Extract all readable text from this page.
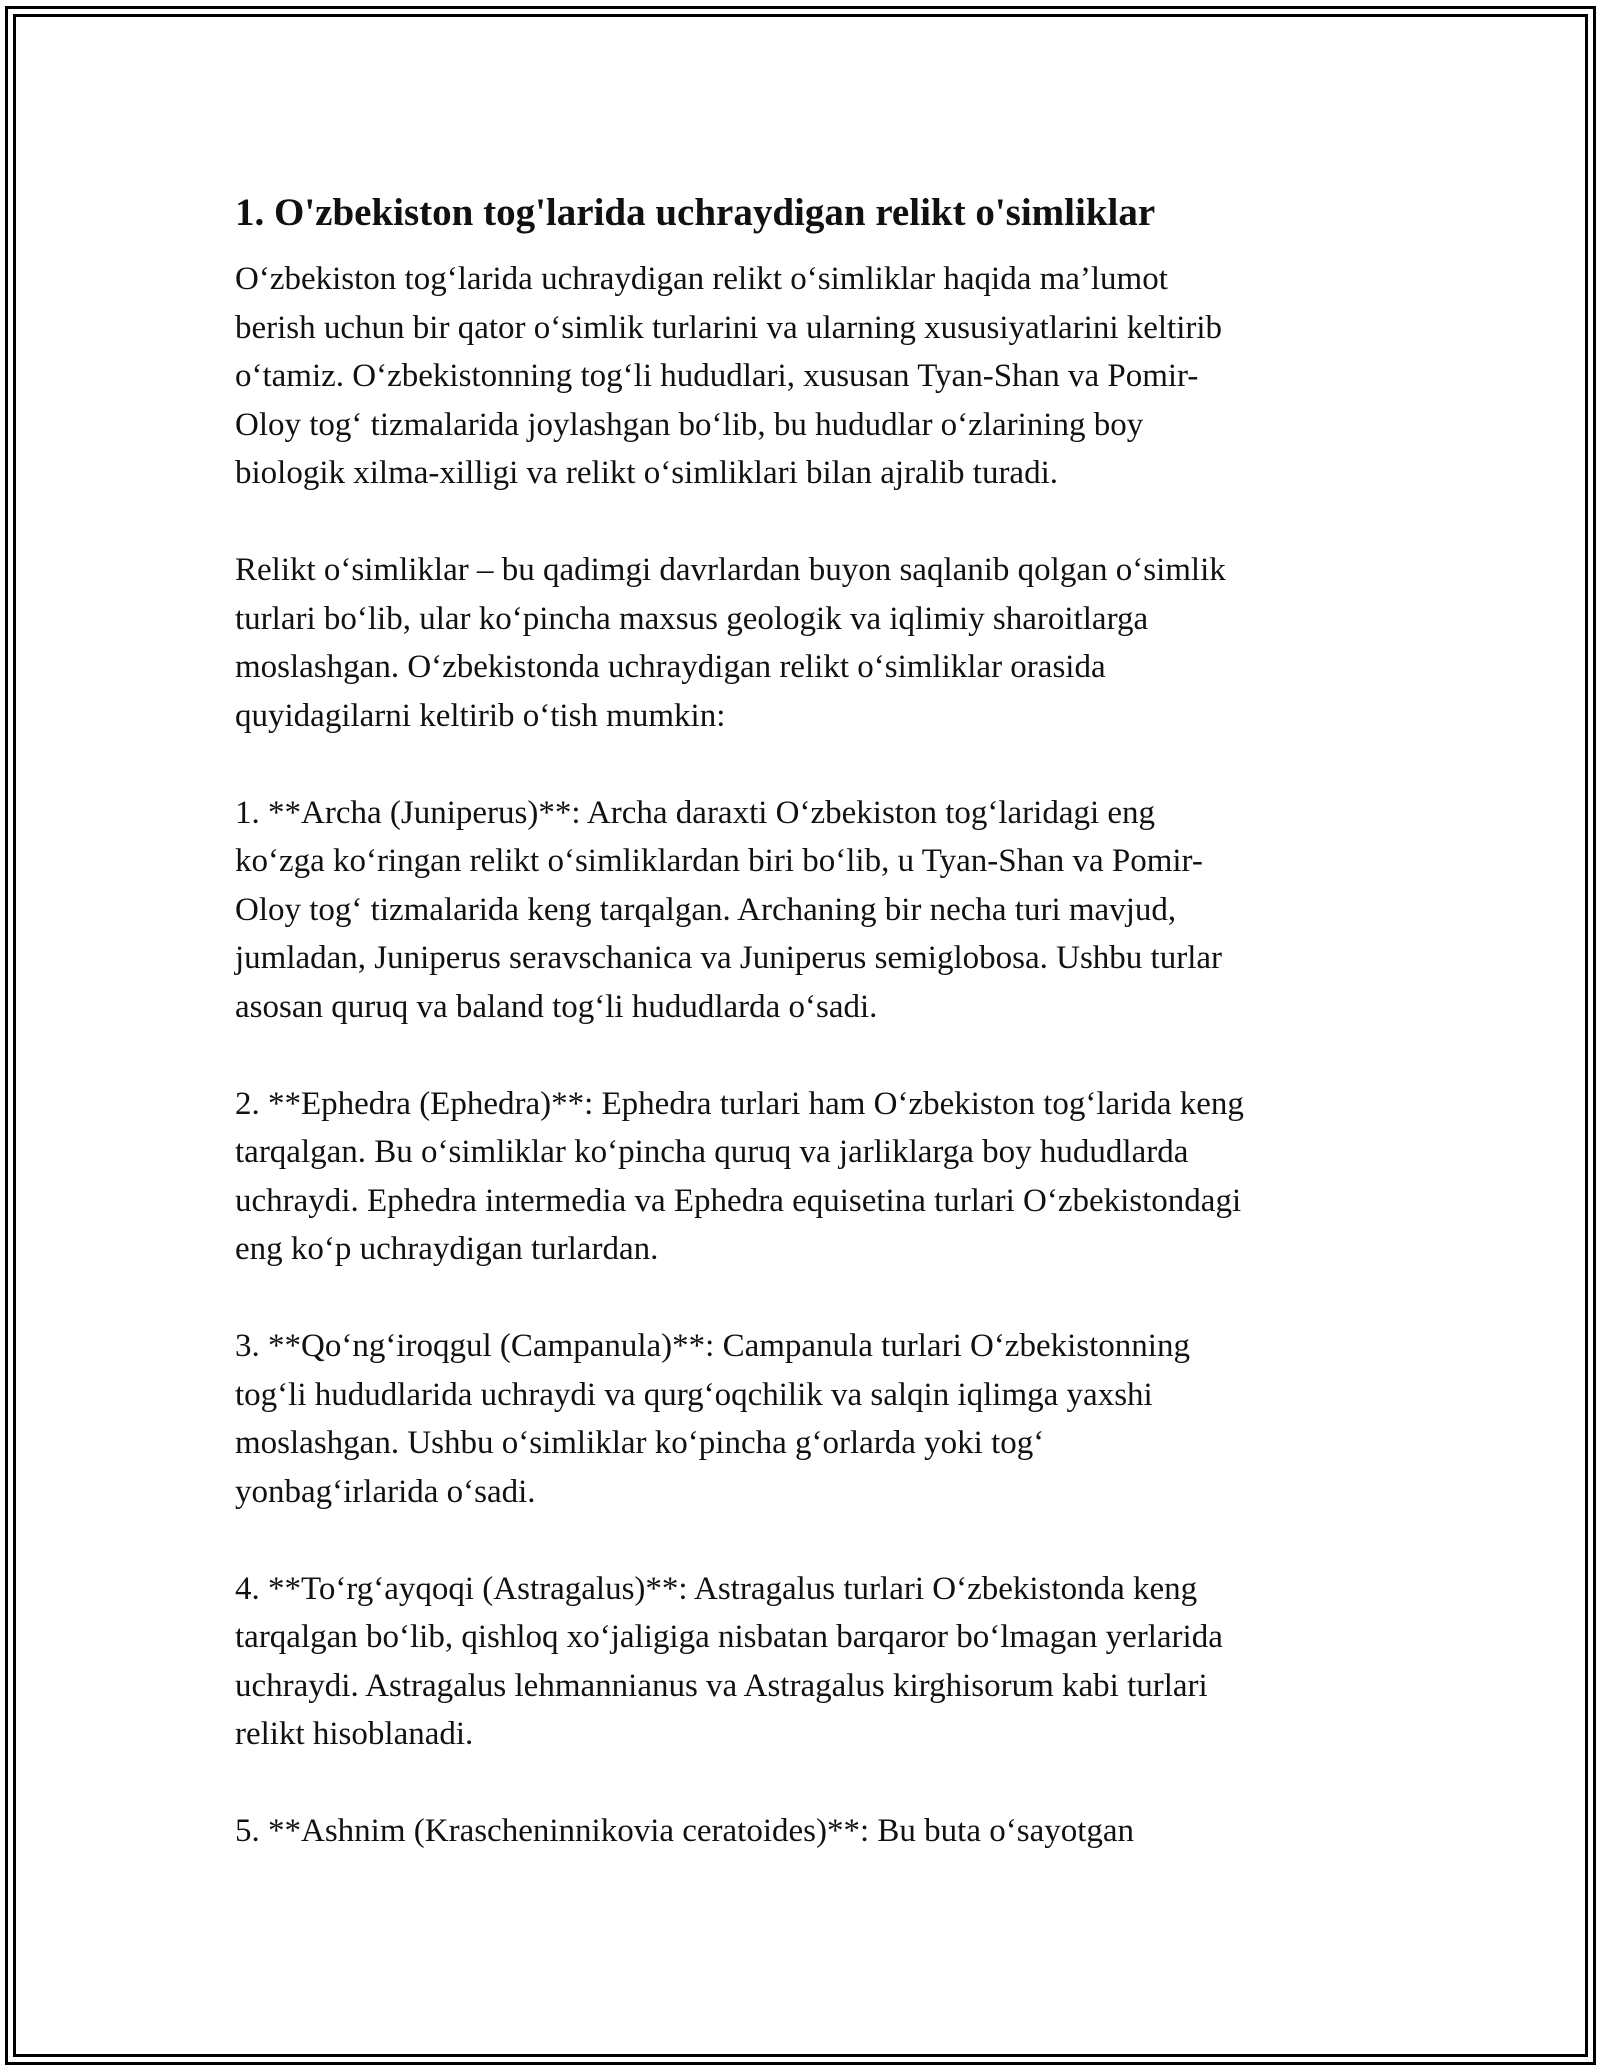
1. O'zbekiston tog'larida uchraydigan relikt o'simliklar

O‘zbekiston tog‘larida uchraydigan relikt o‘simliklar haqida ma’lumot
berish uchun bir qator o‘simlik turlarini va ularning xususiyatlarini keltirib
o‘tamiz. O‘zbekistonning tog‘li hududlari, xususan Tyan-Shan va Pomir-
Oloy tog‘ tizmalarida joylashgan bo‘lib, bu hududlar o‘zlarining boy
biologik xilma-xilligi va relikt o‘simliklari bilan ajralib turadi.

Relikt o‘simliklar – bu qadimgi davrlardan buyon saqlanib qolgan o‘simlik
turlari bo‘lib, ular ko‘pincha maxsus geologik va iqlimiy sharoitlarga
moslashgan. O‘zbekistonda uchraydigan relikt o‘simliklar orasida
quyidagilarni keltirib o‘tish mumkin:

1. **Archa (Juniperus)**: Archa daraxti O‘zbekiston tog‘laridagi eng
ko‘zga ko‘ringan relikt o‘simliklardan biri bo‘lib, u Tyan-Shan va Pomir-
Oloy tog‘ tizmalarida keng tarqalgan. Archaning bir necha turi mavjud,
jumladan, Juniperus seravschanica va Juniperus semiglobosa. Ushbu turlar
asosan quruq va baland tog‘li hududlarda o‘sadi.

2. **Ephedra (Ephedra)**: Ephedra turlari ham O‘zbekiston tog‘larida keng
tarqalgan. Bu o‘simliklar ko‘pincha quruq va jarliklarga boy hududlarda
uchraydi. Ephedra intermedia va Ephedra equisetina turlari O‘zbekistondagi
eng ko‘p uchraydigan turlardan.

3. **Qo‘ng‘iroqgul (Campanula)**: Campanula turlari O‘zbekistonning
tog‘li hududlarida uchraydi va qurg‘oqchilik va salqin iqlimga yaxshi
moslashgan. Ushbu o‘simliklar ko‘pincha g‘orlarda yoki tog‘
yonbag‘irlarida o‘sadi.

4. **To‘rg‘ayqoqi (Astragalus)**: Astragalus turlari O‘zbekistonda keng
tarqalgan bo‘lib, qishloq xo‘jaligiga nisbatan barqaror bo‘lmagan yerlarida
uchraydi. Astragalus lehmannianus va Astragalus kirghisorum kabi turlari
relikt hisoblanadi.

5. **Ashnim (Krascheninnikovia ceratoides)**: Bu buta o‘sayotgan
